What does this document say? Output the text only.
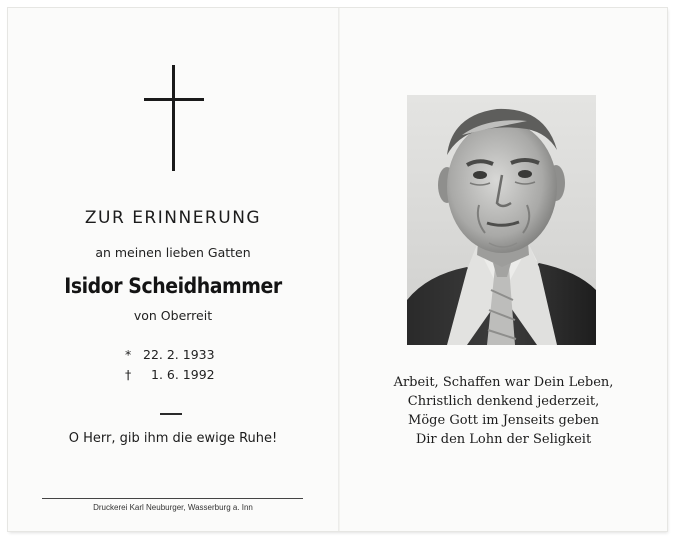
ZUR ERINNERUNG
an meinen lieben Gatten
Isidor Scheidhammer
von Oberreit
* 22. 2. 1933
† 1. 6. 1992
O Herr, gib ihm die ewige Ruhe!
Druckerei Karl Neuburger, Wasserburg a. Inn
Arbeit, Schaffen war Dein Leben,
Christlich denkend jederzeit,
Möge Gott im Jenseits geben
Dir den Lohn der Seligkeit
